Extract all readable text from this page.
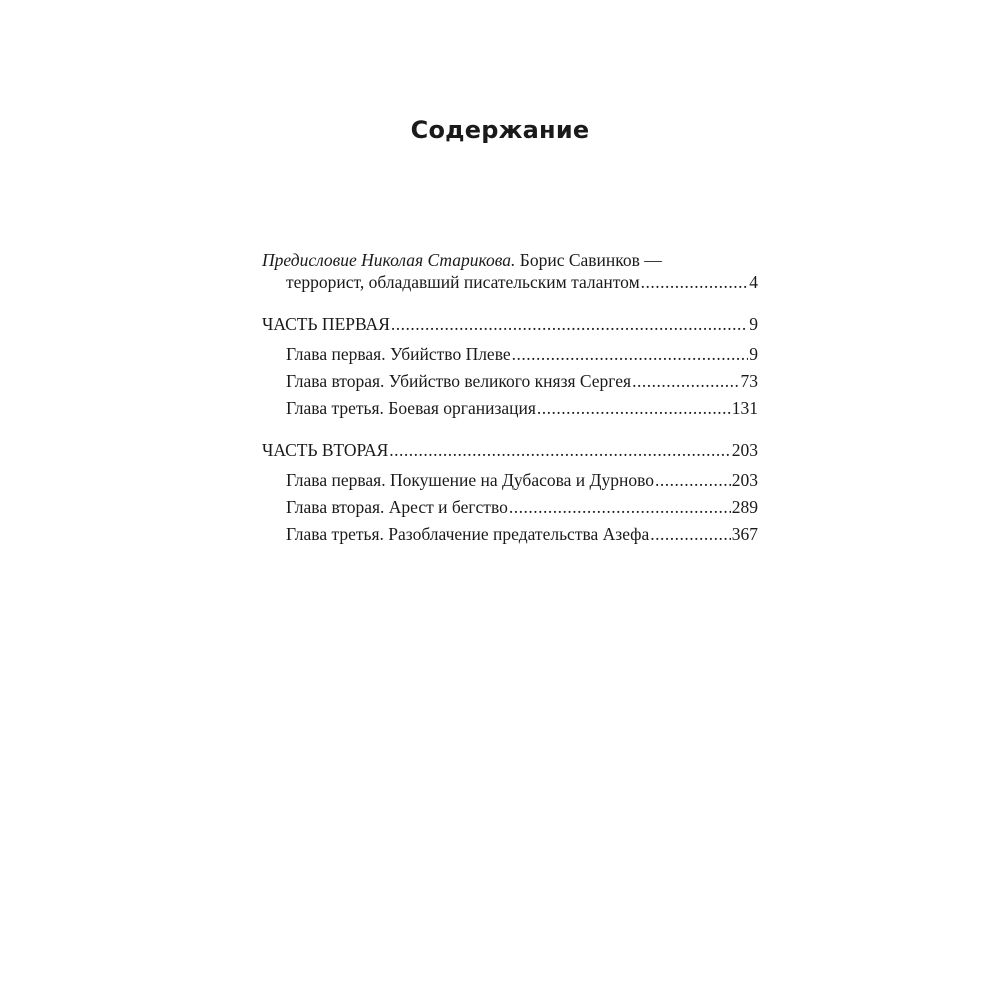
Содержание
Предисловие Николая Старикова. Борис Савинков —
террорист, обладавший писательским талантом .....	4
ЧАСТЬ ПЕРВАЯ .....	9
Глава первая. Убийство Плеве .....	9
Глава вторая. Убийство великого князя Сергея .....	73
Глава третья. Боевая организация .....	131
ЧАСТЬ ВТОРАЯ .....	203
Глава первая. Покушение на Дубасова и Дурново .....	203
Глава вторая. Арест и бегство .....	289
Глава третья. Разоблачение предательства Азефа .....	367
